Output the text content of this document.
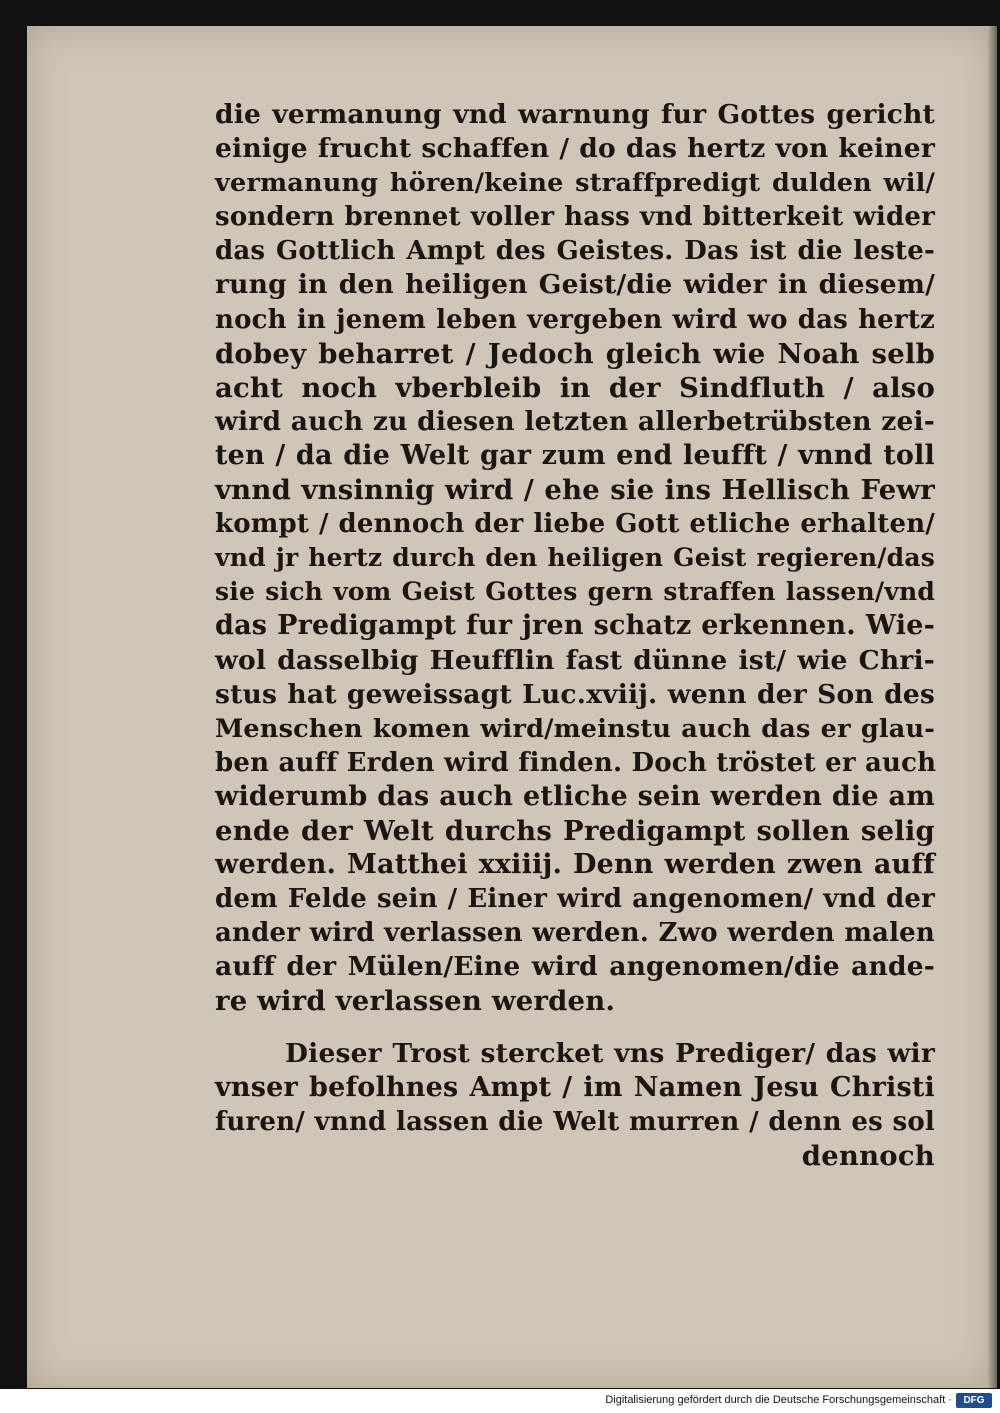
die vermanung vnd warnung fur Gottes gericht
einige frucht schaffen / do das hertz von keiner
vermanung hören/keine straffpredigt dulden wil/
sondern brennet voller hass vnd bitterkeit wider
das Gottlich Ampt des Geistes. Das ist die leste-
rung in den heiligen Geist/die wider in diesem/
noch in jenem leben vergeben wird wo das hertz
dobey beharret / Jedoch gleich wie Noah selb
acht noch vberbleib in der Sindfluth / also
wird auch zu diesen letzten allerbetrübsten zei-
ten / da die Welt gar zum end leufft / vnnd toll
vnnd vnsinnig wird / ehe sie ins Hellisch Fewr
kompt / dennoch der liebe Gott etliche erhalten/
vnd jr hertz durch den heiligen Geist regieren/das
sie sich vom Geist Gottes gern straffen lassen/vnd
das Predigampt fur jren schatz erkennen. Wie-
wol dasselbig Heufflin fast dünne ist/ wie Chri-
stus hat geweissagt Luc.xviij. wenn der Son des
Menschen komen wird/meinstu auch das er glau-
ben auff Erden wird finden. Doch tröstet er auch
widerumb das auch etliche sein werden die am
ende der Welt durchs Predigampt sollen selig
werden. Matthei xxiiij. Denn werden zwen auff
dem Felde sein / Einer wird angenomen/ vnd der
ander wird verlassen werden. Zwo werden malen
auff der Mülen/Eine wird angenomen/die ande-
re wird verlassen werden.
Dieser Trost stercket vns Prediger/ das wir
vnser befolhnes Ampt / im Namen Jesu Christi
furen/ vnnd lassen die Welt murren / denn es sol
dennoch
Digitalisierung gefördert durch die Deutsche Forschungsgemeinschaft ·	DFG
